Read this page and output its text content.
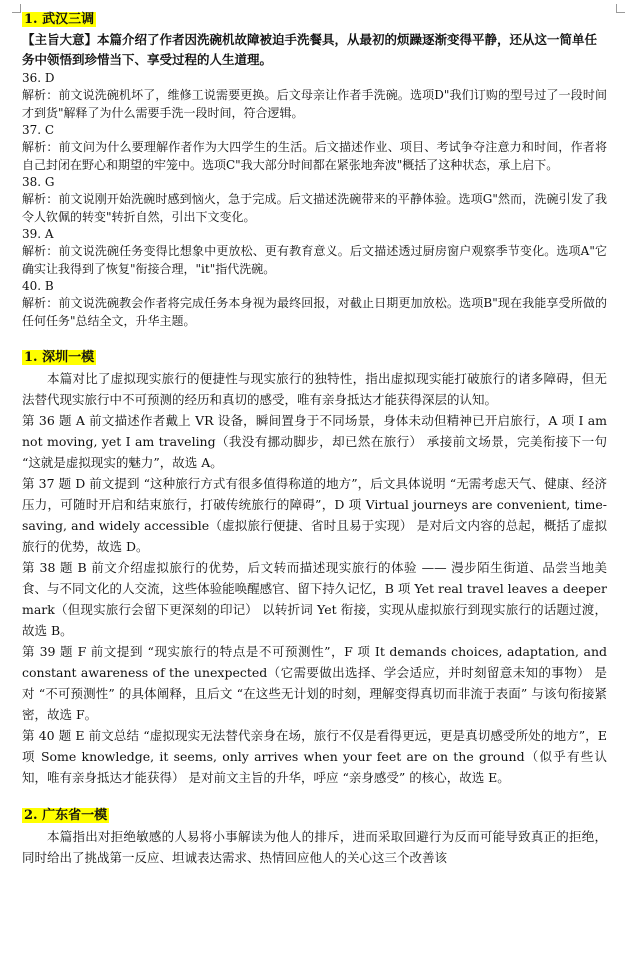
1. 武汉三调

【主旨大意】本篇介绍了作者因洗碗机故障被迫手洗餐具，从最初的烦躁逐渐变得平静，还从这一简单任务中领悟到珍惜当下、享受过程的人生道理。

36. D

解析：前文说洗碗机坏了，维修工说需要更换。后文母亲让作者手洗碗。选项D"我们订购的型号过了一段时间才到货"解释了为什么需要手洗一段时间，符合逻辑。

37. C

解析：前文问为什么要理解作者作为大四学生的生活。后文描述作业、项目、考试争夺注意力和时间，作者将自己封闭在野心和期望的牢笼中。选项C"我大部分时间都在紧张地奔波"概括了这种状态，承上启下。

38. G

解析：前文说刚开始洗碗时感到恼火，急于完成。后文描述洗碗带来的平静体验。选项G"然而，洗碗引发了我令人钦佩的转变"转折自然，引出下文变化。

39. A

解析：前文说洗碗任务变得比想象中更放松、更有教育意义。后文描述透过厨房窗户观察季节变化。选项A"它确实让我得到了恢复"衔接合理，"it"指代洗碗。

40. B

解析：前文说洗碗教会作者将完成任务本身视为最终回报，对截止日期更加放松。选项B"现在我能享受所做的任何任务"总结全文，升华主题。

1. 深圳一模

本篇对比了虚拟现实旅行的便捷性与现实旅行的独特性，指出虚拟现实能打破旅行的诸多障碍，但无法替代现实旅行中不可预测的经历和真切的感受，唯有亲身抵达才能获得深层的认知。

第 36 题 A 前文描述作者戴上 VR 设备，瞬间置身于不同场景，身体未动但精神已开启旅行，A 项 I am not moving, yet I am traveling（我没有挪动脚步，却已然在旅行） 承接前文场景，完美衔接下一句 “这就是虚拟现实的魅力”，故选 A。

第 37 题 D 前文提到 “这种旅行方式有很多值得称道的地方”，后文具体说明 “无需考虑天气、健康、经济压力，可随时开启和结束旅行，打破传统旅行的障碍”，D 项 Virtual journeys are convenient, time-saving, and widely accessible（虚拟旅行便捷、省时且易于实现） 是对后文内容的总起，概括了虚拟旅行的优势，故选 D。

第 38 题 B 前文介绍虚拟旅行的优势，后文转而描述现实旅行的体验 —— 漫步陌生街道、品尝当地美食、与不同文化的人交流，这些体验能唤醒感官、留下持久记忆，B 项 Yet real travel leaves a deeper mark（但现实旅行会留下更深刻的印记） 以转折词 Yet 衔接，实现从虚拟旅行到现实旅行的话题过渡，故选 B。

第 39 题 F 前文提到 “现实旅行的特点是不可预测性”，F 项 It demands choices, adaptation, and constant awareness of the unexpected（它需要做出选择、学会适应，并时刻留意未知的事物） 是对 “不可预测性” 的具体阐释，且后文 “在这些无计划的时刻，理解变得真切而非流于表面” 与该句衔接紧密，故选 F。

第 40 题 E 前文总结 “虚拟现实无法替代亲身在场，旅行不仅是看得更远，更是真切感受所处的地方”，E 项 Some knowledge, it seems, only arrives when your feet are on the ground（似乎有些认知，唯有亲身抵达才能获得） 是对前文主旨的升华，呼应 “亲身感受” 的核心，故选 E。

2. 广东省一模

本篇指出对拒绝敏感的人易将小事解读为他人的排斥，进而采取回避行为反而可能导致真正的拒绝，同时给出了挑战第一反应、坦诚表达需求、热情回应他人的关心这三个改善该
